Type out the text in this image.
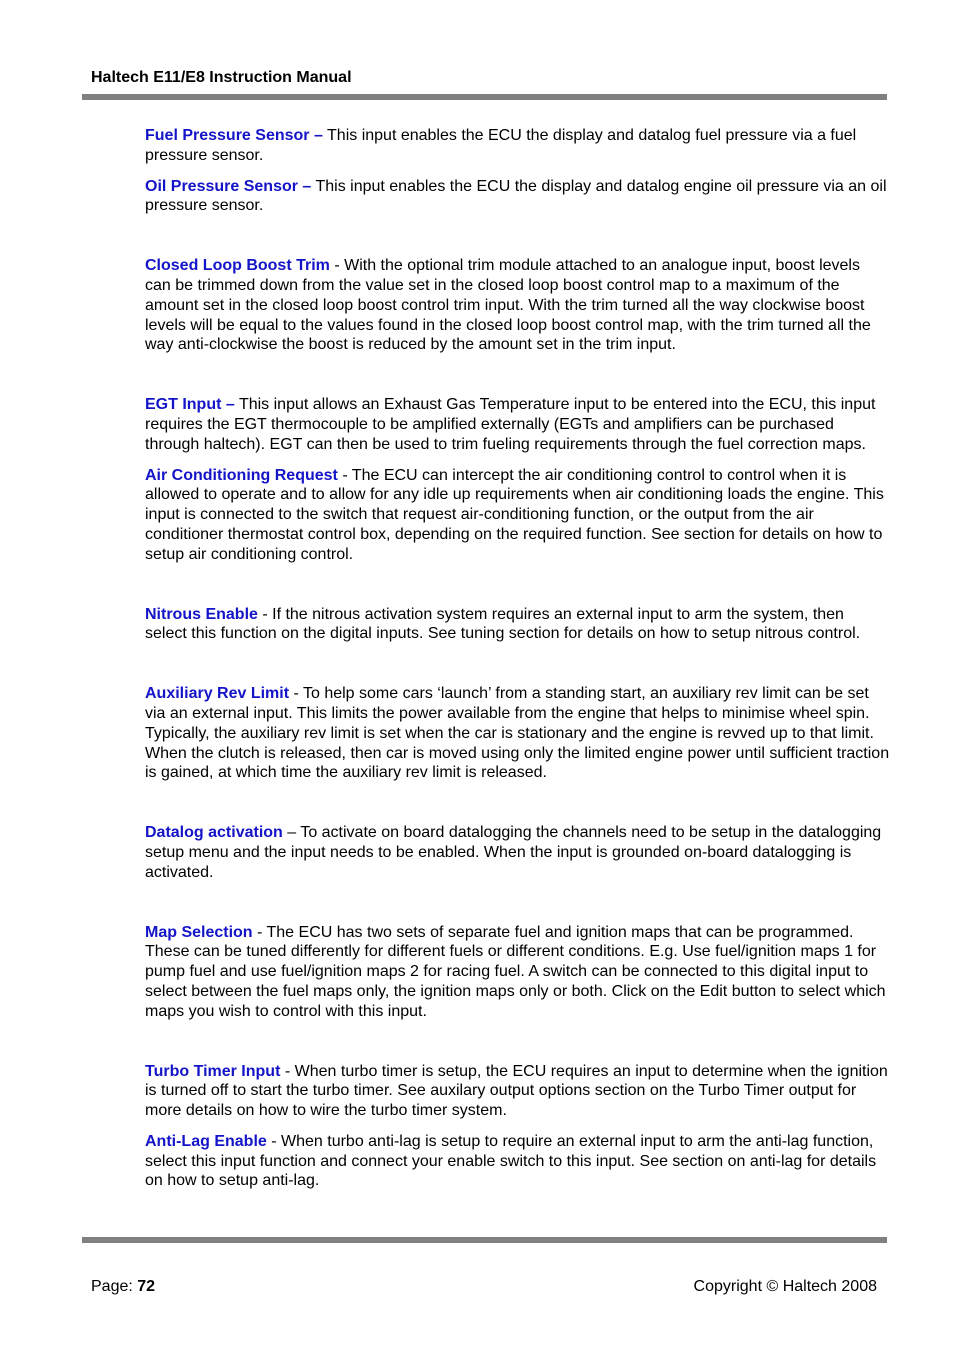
Haltech E11/E8 Instruction Manual

Fuel Pressure Sensor – This input enables the ECU the display and datalog fuel pressure via a fuel pressure sensor.

Oil Pressure Sensor – This input enables the ECU the display and datalog engine oil pressure via an oil pressure sensor.

Closed Loop Boost Trim - With the optional trim module attached to an analogue input, boost levels can be trimmed down from the value set in the closed loop boost control map to a maximum of the amount set in the closed loop boost control trim input. With the trim turned all the way clockwise boost levels will be equal to the values found in the closed loop boost control map, with the trim turned all the way anti-clockwise the boost is reduced by the amount set in the trim input.

EGT Input – This input allows an Exhaust Gas Temperature input to be entered into the ECU, this input requires the EGT thermocouple to be amplified externally (EGTs and amplifiers can be purchased through haltech). EGT can then be used to trim fueling requirements through the fuel correction maps.

Air Conditioning Request - The ECU can intercept the air conditioning control to control when it is allowed to operate and to allow for any idle up requirements when air conditioning loads the engine. This input is connected to the switch that request air-conditioning function, or the output from the air conditioner thermostat control box, depending on the required function. See section for details on how to setup air conditioning control.

Nitrous Enable - If the nitrous activation system requires an external input to arm the system, then select this function on the digital inputs. See tuning section for details on how to setup nitrous control.

Auxiliary Rev Limit - To help some cars ‘launch’ from a standing start, an auxiliary rev limit can be set via an external input. This limits the power available from the engine that helps to minimise wheel spin. Typically, the auxiliary rev limit is set when the car is stationary and the engine is revved up to that limit. When the clutch is released, then car is moved using only the limited engine power until sufficient traction is gained, at which time the auxiliary rev limit is released.

Datalog activation – To activate on board datalogging the channels need to be setup in the datalogging setup menu and the input needs to be enabled. When the input is grounded on-board datalogging is activated.

Map Selection - The ECU has two sets of separate fuel and ignition maps that can be programmed. These can be tuned differently for different fuels or different conditions. E.g. Use fuel/ignition maps 1 for pump fuel and use fuel/ignition maps 2 for racing fuel. A switch can be connected to this digital input to select between the fuel maps only, the ignition maps only or both. Click on the Edit button to select which maps you wish to control with this input.

Turbo Timer Input - When turbo timer is setup, the ECU requires an input to determine when the ignition is turned off to start the turbo timer. See auxilary output options section on the Turbo Timer output for more details on how to wire the turbo timer system.

Anti-Lag Enable - When turbo anti-lag is setup to require an external input to arm the anti-lag function, select this input function and connect your enable switch to this input. See section on anti-lag for details on how to setup anti-lag.

Page: 72	Copyright © Haltech 2008
